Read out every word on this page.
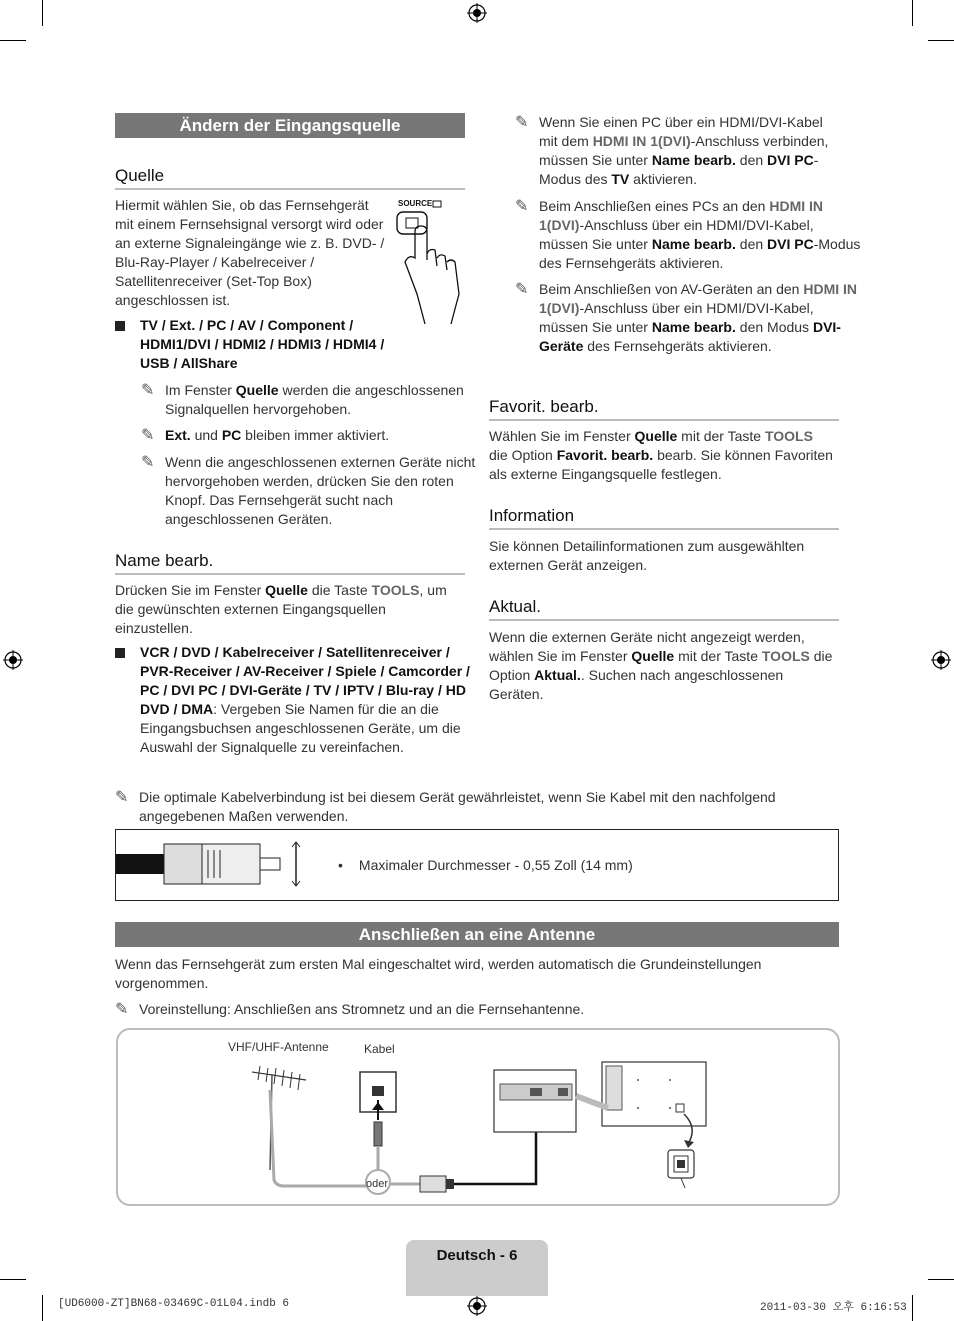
Ändern der Eingangsquelle
Quelle
Hiermit wählen Sie, ob das Fernsehgerät mit einem Fernsehsignal versorgt wird oder an externe Signaleingänge wie z. B. DVD- / Blu-Ray-Player / Kabelreceiver / Satellitenreceiver (Set-Top Box) angeschlossen ist.
SOURCE
TV / Ext. / PC / AV / Component / HDMI1/DVI / HDMI2 / HDMI3 / HDMI4 / USB / AllShare
✎ Im Fenster Quelle werden die angeschlossenen Signalquellen hervorgehoben.
✎ Ext. und PC bleiben immer aktiviert.
✎ Wenn die angeschlossenen externen Geräte nicht hervorgehoben werden, drücken Sie den roten Knopf. Das Fernsehgerät sucht nach angeschlossenen Geräten.
Name bearb.
Drücken Sie im Fenster Quelle die Taste TOOLS, um die gewünschten externen Eingangsquellen einzustellen.
VCR / DVD / Kabelreceiver / Satellitenreceiver / PVR-Receiver / AV-Receiver / Spiele / Camcorder / PC / DVI PC / DVI-Geräte / TV / IPTV / Blu-ray / HD DVD / DMA: Vergeben Sie Namen für die an die Eingangsbuchsen angeschlossenen Geräte, um die Auswahl der Signalquelle zu vereinfachen.
✎ Wenn Sie einen PC über ein HDMI/DVI-Kabel mit dem HDMI IN 1(DVI)-Anschluss verbinden, müssen Sie unter Name bearb. den DVI PC-Modus des TV aktivieren.
✎ Beim Anschließen eines PCs an den HDMI IN 1(DVI)-Anschluss über ein HDMI/DVI-Kabel, müssen Sie unter Name bearb. den DVI PC-Modus des Fernsehgeräts aktivieren.
✎ Beim Anschließen von AV-Geräten an den HDMI IN 1(DVI)-Anschluss über ein HDMI/DVI-Kabel, müssen Sie unter Name bearb. den Modus DVI-Geräte des Fernsehgeräts aktivieren.
Favorit. bearb.
Wählen Sie im Fenster Quelle mit der Taste TOOLS die Option Favorit. bearb. bearb. Sie können Favoriten als externe Eingangsquelle festlegen.
Information
Sie können Detailinformationen zum ausgewählten externen Gerät anzeigen.
Aktual.
Wenn die externen Geräte nicht angezeigt werden, wählen Sie im Fenster Quelle mit der Taste TOOLS die Option Aktual.. Suchen nach angeschlossenen Geräten.
✎ Die optimale Kabelverbindung ist bei diesem Gerät gewährleistet, wenn Sie Kabel mit den nachfolgend angegebenen Maßen verwenden.
• Maximaler Durchmesser - 0,55 Zoll (14 mm)
Anschließen an eine Antenne
Wenn das Fernsehgerät zum ersten Mal eingeschaltet wird, werden automatisch die Grundeinstellungen vorgenommen.
✎ Voreinstellung: Anschließen ans Stromnetz und an die Fernsehantenne.
VHF/UHF-Antenne	Kabel
oder
Deutsch - 6
[UD6000-ZT]BN68-03469C-01L04.indb 6	2011-03-30 오후 6:16:53
